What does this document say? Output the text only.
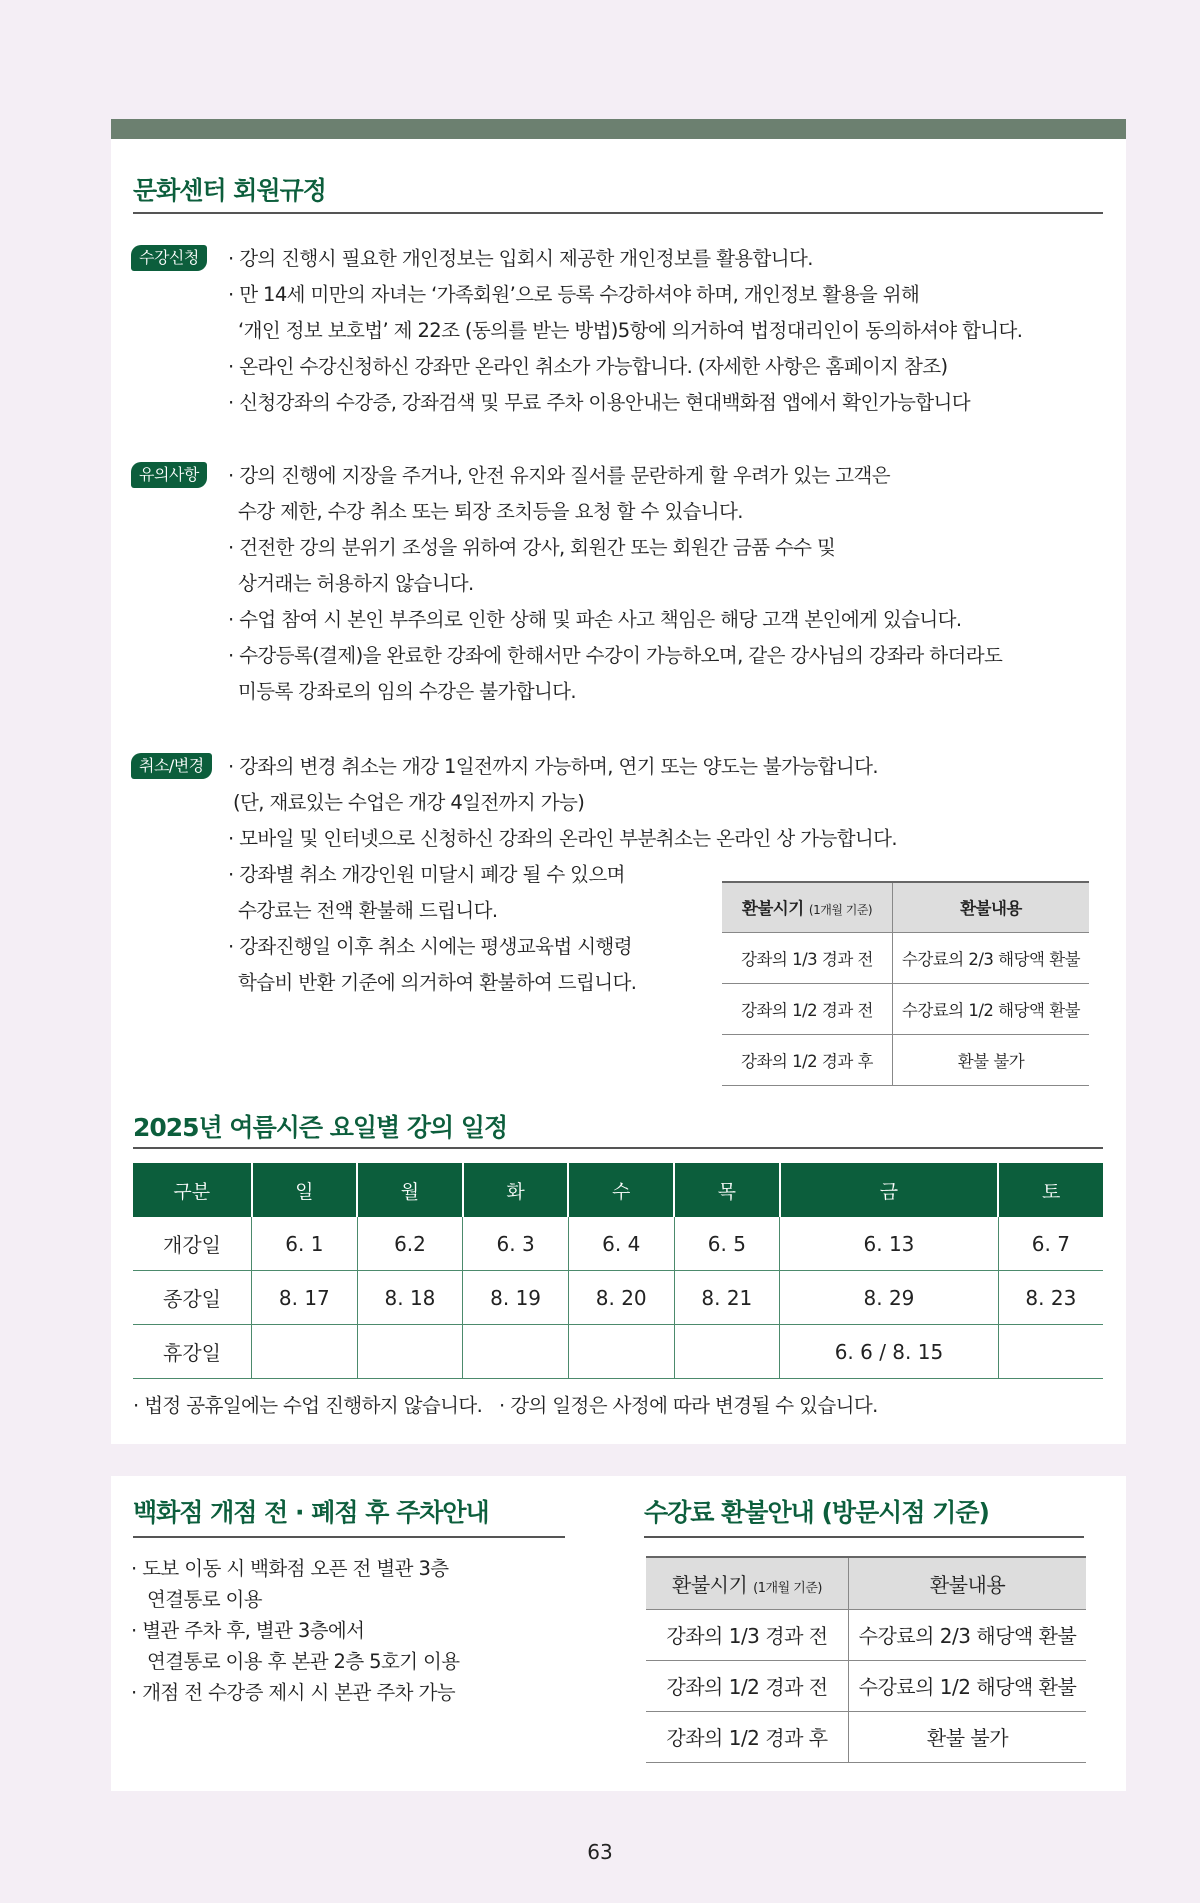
문화센터 회원규정
수강신청	· 강의 진행시 필요한 개인정보는 입회시 제공한 개인정보를 활용합니다.
· 만 14세 미만의 자녀는 ‘가족회원’으로 등록 수강하셔야 하며, 개인정보 활용을 위해
‘개인 정보 보호법’ 제 22조 (동의를 받는 방법)5항에 의거하여 법정대리인이 동의하셔야 합니다.
· 온라인 수강신청하신 강좌만 온라인 취소가 가능합니다. (자세한 사항은 홈페이지 참조)
· 신청강좌의 수강증, 강좌검색 및 무료 주차 이용안내는 현대백화점 앱에서 확인가능합니다
유의사항	· 강의 진행에 지장을 주거나, 안전 유지와 질서를 문란하게 할 우려가 있는 고객은
수강 제한, 수강 취소 또는 퇴장 조치등을 요청 할 수 있습니다.
· 건전한 강의 분위기 조성을 위하여 강사, 회원간 또는 회원간 금품 수수 및
상거래는 허용하지 않습니다.
· 수업 참여 시 본인 부주의로 인한 상해 및 파손 사고 책임은 해당 고객 본인에게 있습니다.
· 수강등록(결제)을 완료한 강좌에 한해서만 수강이 가능하오며, 같은 강사님의 강좌라 하더라도
미등록 강좌로의 임의 수강은 불가합니다.
취소/변경	· 강좌의 변경 취소는 개강 1일전까지 가능하며, 연기 또는 양도는 불가능합니다.
(단, 재료있는 수업은 개강 4일전까지 가능)
· 모바일 및 인터넷으로 신청하신 강좌의 온라인 부분취소는 온라인 상 가능합니다.
· 강좌별 취소 개강인원 미달시 폐강 될 수 있으며
수강료는 전액 환불해 드립니다.
· 강좌진행일 이후 취소 시에는 평생교육법 시행령
학습비 반환 기준에 의거하여 환불하여 드립니다.
환불시기 (1개월 기준)	환불내용
강좌의 1/3 경과 전	수강료의 2/3 해당액 환불
강좌의 1/2 경과 전	수강료의 1/2 해당액 환불
강좌의 1/2 경과 후	환불 불가
2025년 여름시즌 요일별 강의 일정
구분	일	월	화	수	목	금	토
개강일	6. 1	6.2	6. 3	6. 4	6. 5	6. 13	6. 7
종강일	8. 17	8. 18	8. 19	8. 20	8. 21	8. 29	8. 23
휴강일						6. 6 / 8. 15	
· 법정 공휴일에는 수업 진행하지 않습니다.   · 강의 일정은 사정에 따라 변경될 수 있습니다.
백화점 개점 전 · 폐점 후 주차안내
· 도보 이동 시 백화점 오픈 전 별관 3층
연결통로 이용
· 별관 주차 후, 별관 3층에서
연결통로 이용 후 본관 2층 5호기 이용
· 개점 전 수강증 제시 시 본관 주차 가능
수강료 환불안내 (방문시점 기준)
환불시기 (1개월 기준)	환불내용
강좌의 1/3 경과 전	수강료의 2/3 해당액 환불
강좌의 1/2 경과 전	수강료의 1/2 해당액 환불
강좌의 1/2 경과 후	환불 불가
63
